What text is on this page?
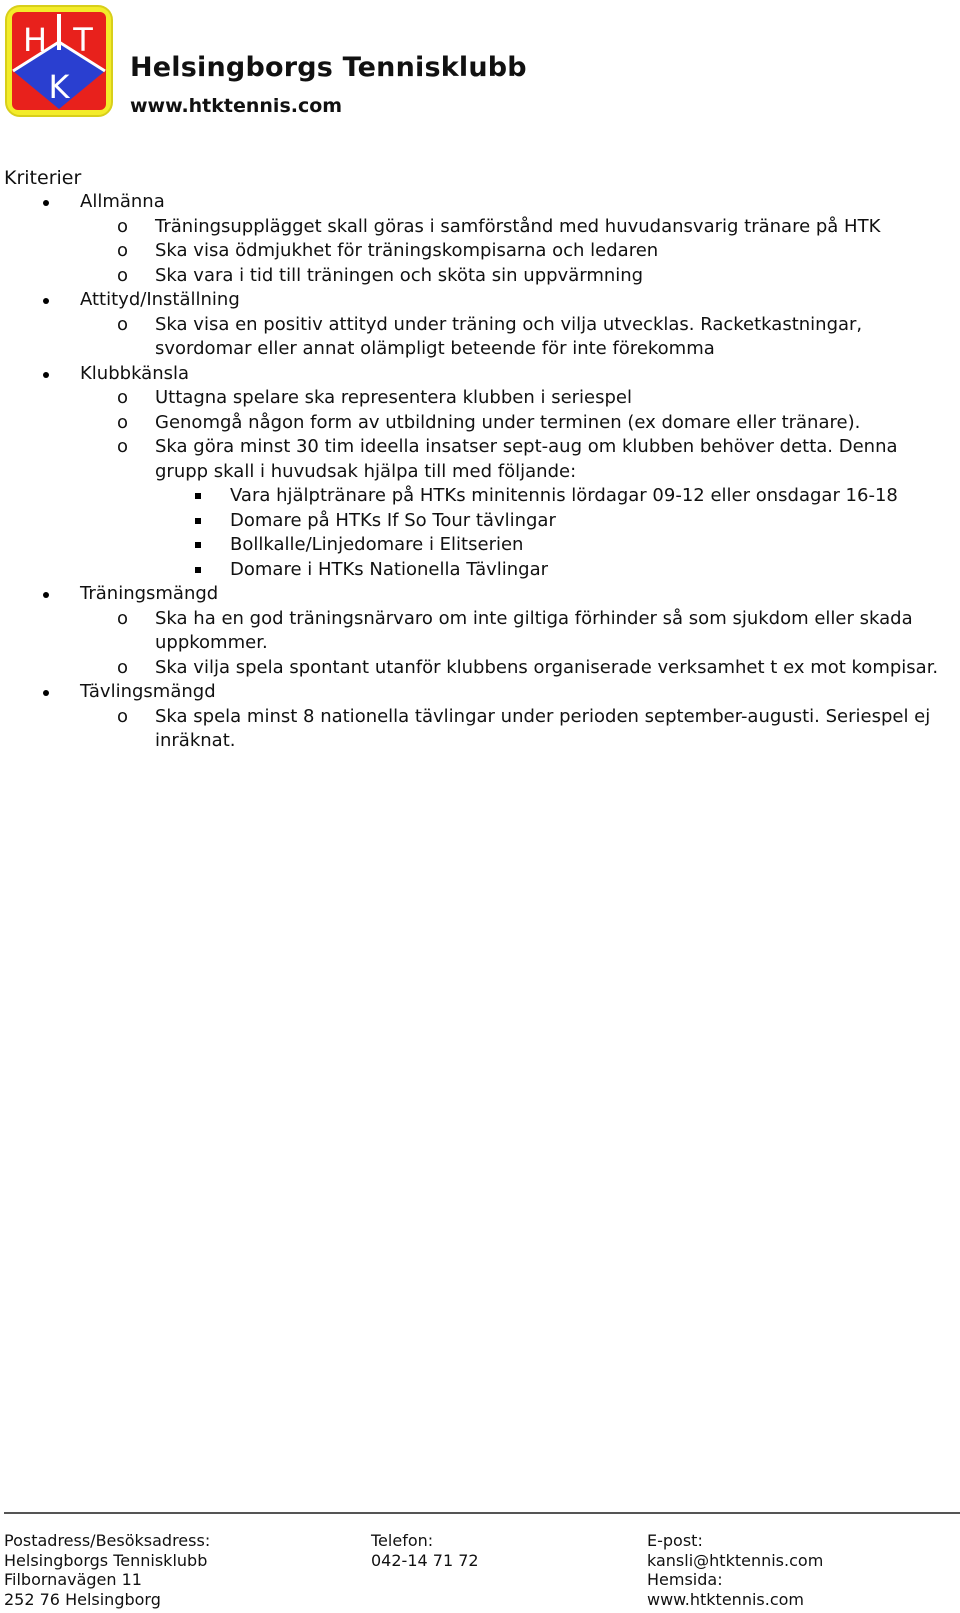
H T
K
Helsingborgs Tennisklubb
www.htktennis.com
Kriterier
Allmänna
o Träningsupplägget skall göras i samförstånd med huvudansvarig tränare på HTK
o Ska visa ödmjukhet för träningskompisarna och ledaren
o Ska vara i tid till träningen och sköta sin uppvärmning
Attityd/Inställning
o Ska visa en positiv attityd under träning och vilja utvecklas. Racketkastningar, svordomar eller annat olämpligt beteende för inte förekomma
Klubbkänsla
o Uttagna spelare ska representera klubben i seriespel
o Genomgå någon form av utbildning under terminen (ex domare eller tränare).
o Ska göra minst 30 tim ideella insatser sept-aug om klubben behöver detta. Denna grupp skall i huvudsak hjälpa till med följande:
Vara hjälptränare på HTKs minitennis lördagar 09-12 eller onsdagar 16-18
Domare på HTKs If So Tour tävlingar
Bollkalle/Linjedomare i Elitserien
Domare i HTKs Nationella Tävlingar
Träningsmängd
o Ska ha en god träningsnärvaro om inte giltiga förhinder så som sjukdom eller skada uppkommer.
o Ska vilja spela spontant utanför klubbens organiserade verksamhet t ex mot kompisar.
Tävlingsmängd
o Ska spela minst 8 nationella tävlingar under perioden september-augusti. Seriespel ej inräknat.
Postadress/Besöksadress:
Helsingborgs Tennisklubb
Filbornavägen 11
252 76 Helsingborg
Telefon:
042-14 71 72
E-post:
kansli@htktennis.com
Hemsida:
www.htktennis.com
